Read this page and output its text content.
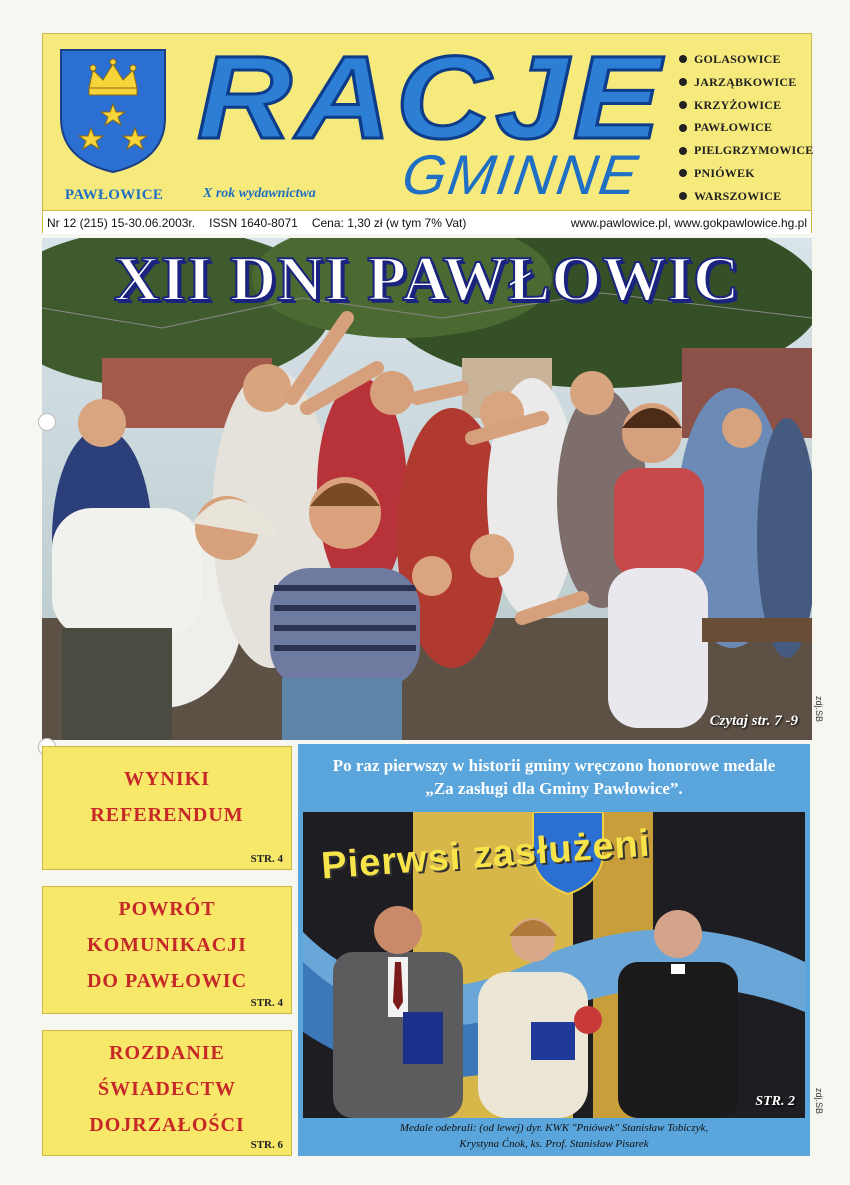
PAWŁOWICE
RACJE
GMINNE
X rok wydawnictwa
GOLASOWICE
JARZĄBKOWICE
KRZYŻOWICE
PAWŁOWICE
PIELGRZYMOWICE
PNIÓWEK
WARSZOWICE
Nr 12 (215) 15-30.06.2003r. ISSN 1640-8071 Cena: 1,30 zł (w tym 7% Vat)	www.pawlowice.pl, www.gokpawlowice.hg.pl
XII DNI PAWŁOWIC
Czytaj str. 7 -9 zdj.SB
WYNIKI
REFERENDUM
STR. 4
POWRÓT
KOMUNIKACJI
DO PAWŁOWIC
STR. 4
ROZDANIE
ŚWIADECTW
DOJRZAŁOŚCI
STR. 6
Po raz pierwszy w historii gminy wręczono honorowe medale
„Za zasługi dla Gminy Pawłowice”.
Pierwsi zasłużeni
STR. 2
Medale odebrali: (od lewej) dyr. KWK "Pniówek" Stanisław Tobiczyk,
Krystyna Ćnok, ks. Prof. Stanisław Pisarek
zdj.SB
